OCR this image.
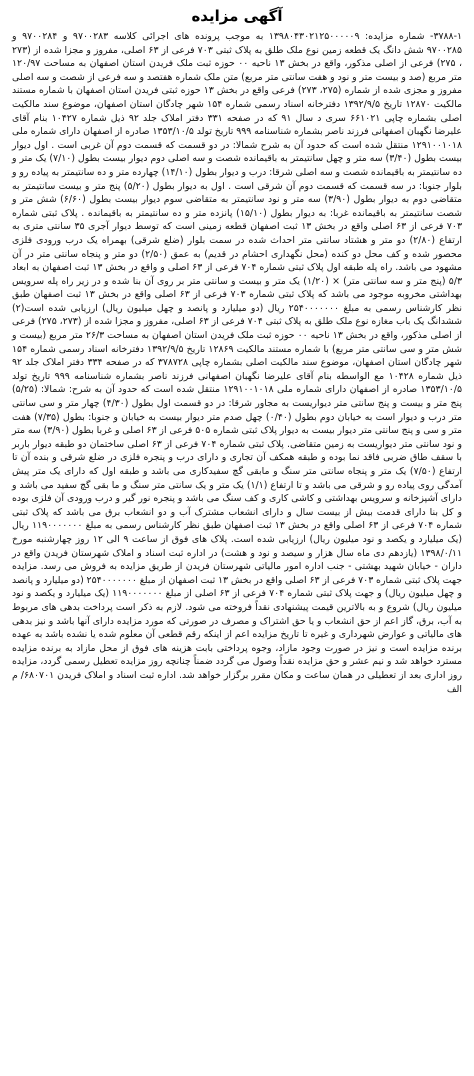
آگهی مزایده

۳۷۸۸-۱- شماره مزایده: ۱۳۹۸۰۴۳۰۲۱۲۵۰۰۰۰۰۹ به موجب پرونده های اجرائی کلاسه ۹۷۰۰۲۸۳ و ۹۷۰۰۲۸۴ و ۹۷۰۰۲۸۵ شش دانگ یک قطعه زمین نوع ملک طلق به پلاک ثبتی ۷۰۳ فرعی از ۶۳ اصلی، مفروز و مجزا شده از (۲۷۳ ، ۲۷۵) فرعی از اصلی مذکور، واقع در بخش ۱۳ ناحیه ۰۰ حوزه ثبت ملک فریدن استان اصفهان به مساحت ۱۲۰/۹۷ متر مربع (صد و بیست متر و نود و هفت سانتی متر مربع) متن ملک شماره هفتصد و سه فرعی از شصت و سه اصلی مفروز و مجزی شده از شماره (۲۷۵، ۲۷۳) فرعی واقع در بخش ۱۳ حوزه ثبتی فریدن استان اصفهان با شماره مستند مالکیت ۱۲۸۷۰ تاریخ ۱۳۹۲/۹/۵ دفترخانه اسناد رسمی شماره ۱۵۴ شهر چادگان استان اصفهان، موضوع سند مالکیت اصلی بشماره چاپی ۶۶۱۰۲۱ سری د سال ۹۱ که در صفحه ۳۳۱ دفتر املاک جلد ۹۲ ذیل شماره ۱۰۴۲۷ بنام آقای علیرضا نگهبان اصفهانی فرزند ناصر بشماره شناسنامه ۹۹۹ تاریخ تولد ۱۳۵۳/۱۰/۵ صادره از اصفهان دارای شماره ملی ۱۲۹۱۰۰۱۰۱۸ منتقل شده است که حدود آن به شرح شمالا: در دو قسمت که قسمت دوم آن غربی است . اول دیوار بیست بطول (۳/۴۰) سه متر و چهل سانتیمتر به باقیمانده شصت و سه اصلی دوم دیوار بیست بطول (۷/۱۰) یک متر و ده سانتیمتر به باقیمانده شصت و سه اصلی شرقا: درب و دیوار بطول (۱۴/۱۰) چهارده متر و ده سانتیمتر به پیاده رو و بلوار جنوبا: در سه قسمت که قسمت دوم آن شرقی است . اول به دیوار بطول (۵/۲۰) پنج متر و بیست سانتیمتر به متقاضی دوم به دیوار بطول (۳/۹۰) سه متر و نود سانتیمتر به متقاضی سوم دیوار بیست بطول (۶/۶۰) شش متر و شصت سانتیمتر به باقیمانده غربا: به دیوار بطول (۱۵/۱۰) پانزده متر و ده سانتیمتر به باقیمانده . پلاک ثبتی شماره ۷۰۳ فرعی از ۶۳ اصلی واقع در بخش ۱۳ ثبت اصفهان قطعه زمینی است که توسط دیوار آجری ۳۵ سانتی متری به ارتفاع (۲/۸۰) دو متر و هشتاد سانتی متر احداث شده در سمت بلوار (ضلع شرقی) بهمراه یک درب ورودی فلزی محصور شده و کف محل دو کنده (محل نگهداری احشام در قدیم) به عمق (۲/۵۰) دو متر و پنجاه سانتی متر در آن مشهود می باشد. راه پله طبقه اول پلاک ثبتی شماره ۷۰۴ فرعی از ۶۳ اصلی و واقع در بخش ۱۳ ثبت اصفهان به ابعاد ۵/۳ (پنج متر و سه سانتی متر) × (۱/۲۰) یک متر و بیست و سانتی متر بر روی آن بنا شده و در زیر راه پله سرویس بهداشتی مخروبه موجود می باشد که پلاک ثبتی شماره ۷۰۳ فرعی از ۶۳ اصلی واقع در بخش ۱۳ ثبت اصفهان طبق نظر کارشناس رسمی به مبلغ ۲۵۴۰۰۰۰۰۰۰ ریال (دو میلیارد و پانصد و چهل میلیون ریال) ارزیابی شده است(۲) ششدانگ یک باب مغازه نوع ملک طلق به پلاک ثبتی ۷۰۴ فرعی از ۶۳ اصلی، مفروز و مجزا شده از (۲۷۳، ۲۷۵) فرعی از اصلی مذکور، واقع در بخش ۱۳ ناحیه ۰۰ حوزه ثبت ملک فریدن استان اصفهان به مساحت ۲۶/۳ متر مربع (بیست و شش متر و سی سانتی متر مربع) با شماره مستند مالکیت ۱۲۸۶۹ تاریخ ۱۳۹۲/۹/۵ دفترخانه اسناد رسمی شماره ۱۵۴ شهر چادگان استان اصفهان، موضوع سند مالکیت اصلی بشماره چاپی ۳۷۸۷۲۸ که در صفحه ۳۳۴ دفتر املاک جلد ۹۲ ذیل شماره ۱۰۴۲۸ مع الواسطه بنام آقای علیرضا نگهبان اصفهانی فرزند ناصر بشماره شناسنامه ۹۹۹ تاریخ تولد ۱۳۵۳/۱۰/۵ صادره از اصفهان دارای شماره ملی ۱۲۹۱۰۰۱۰۱۸ منتقل شده است که حدود آن به شرح: شمالا: (۵/۲۵) پنج متر و بیست و پنج سانتی متر دیواریست به مجاور شرقا: در دو قسمت اول بطول (۴/۳۰) چهار متر و سی سانتی متر درب و دیوار است به خیابان دوم بطول (۰/۴۰) چهل صدم متر دیوار بیست به خیابان و جنوبا: بطول (۷/۳۵) هفت متر و سی و پنج سانتی متر دیوار بیست به دیوار پلاک ثبتی شماره ۵۰۵ فرعی از ۶۳ اصلی و غربا بطول (۳/۹۰) سه متر و نود سانتی متر دیواریست به زمین متقاضی. پلاک ثبتی شماره ۷۰۴ فرعی از ۶۳ اصلی ساختمان دو طبقه دیوار باربر با سقف طاق ضربی فاقد نما بوده و طبقه همکف آن تجاری و دارای درب و پنجره فلزی در ضلع شرقی و بنده آن تا ارتفاع (۷/۵۰) یک متر و پنجاه سانتی متر سنگ و مابقی گچ سفیدکاری می باشد و طبقه اول که دارای یک متر پیش آمدگی روی پیاده رو و شرقی می باشد و تا ارتفاع (۱/۱) یک متر و یک سانتی متر سنگ و ما بقی گچ سفید می باشد و دارای آشپزخانه و سرویس بهداشتی و کاشی کاری و کف سنگ می باشد و پنجره نور گیر و درب ورودی آن فلزی بوده و کل بنا دارای قدمت بیش از بیست سال و دارای انشعاب مشترک آب و دو انشعاب برق می باشد که پلاک ثبتی شماره ۷۰۴ فرعی از ۶۳ اصلی واقع در بخش ۱۳ ثبت اصفهان طبق نظر کارشناس رسمی به مبلغ ۱۱۹۰۰۰۰۰۰۰ ریال (یک میلیارد و یکصد و نود میلیون ریال) ارزیابی شده است. پلاک های فوق از ساعت ۹ الی ۱۲ روز چهارشنبه مورخ ۱۳۹۸/۰/۱۱ (یازدهم دی ماه سال هزار و سیصد و نود و هشت) در اداره ثبت اسناد و املاک شهرستان فریدن واقع در داران - خیابان شهید بهشتی - جنب اداره امور مالیاتی شهرستان فریدن از طریق مزایده به فروش می رسد. مزایده جهت پلاک ثبتی شماره ۷۰۳ فرعی از ۶۳ اصلی واقع در بخش ۱۳ ثبت اصفهان از مبلغ ۲۵۴۰۰۰۰۰۰۰ (دو میلیارد و پانصد و چهل میلیون ریال) و جهت پلاک ثبتی شماره ۷۰۴ فرعی از ۶۳ اصلی از مبلغ ۱۱۹۰۰۰۰۰۰۰ (یک میلیارد و یکصد و نود میلیون ریال) شروع و به بالاترین قیمت پیشنهادی نقداً فروخته می شود. لازم به ذکر است پرداخت بدهی های مربوط به آب، برق، گاز اعم از حق انشعاب و یا حق اشتراک و مصرف در صورتی که مورد مزایده دارای آنها باشد و نیز بدهی های مالیاتی و عوارض شهرداری و غیره تا تاریخ مزایده اعم از اینکه رقم قطعی آن معلوم شده یا نشده باشد به عهده برنده مزایده است و نیز در صورت وجود مازاد، وجوه پرداختی بابت هزینه های فوق از محل مازاد به برنده مزایده مسترد خواهد شد و نیم عشر و حق مزایده نقداً وصول می گردد ضمناً چنانچه روز مزایده تعطیل رسمی گردد، مزایده روز اداری بعد از تعطیلی در همان ساعت و مکان مقرر برگزار خواهد شد. اداره ثبت اسناد و املاک فریدن ۶۸۰۷۰۱/ م الف
